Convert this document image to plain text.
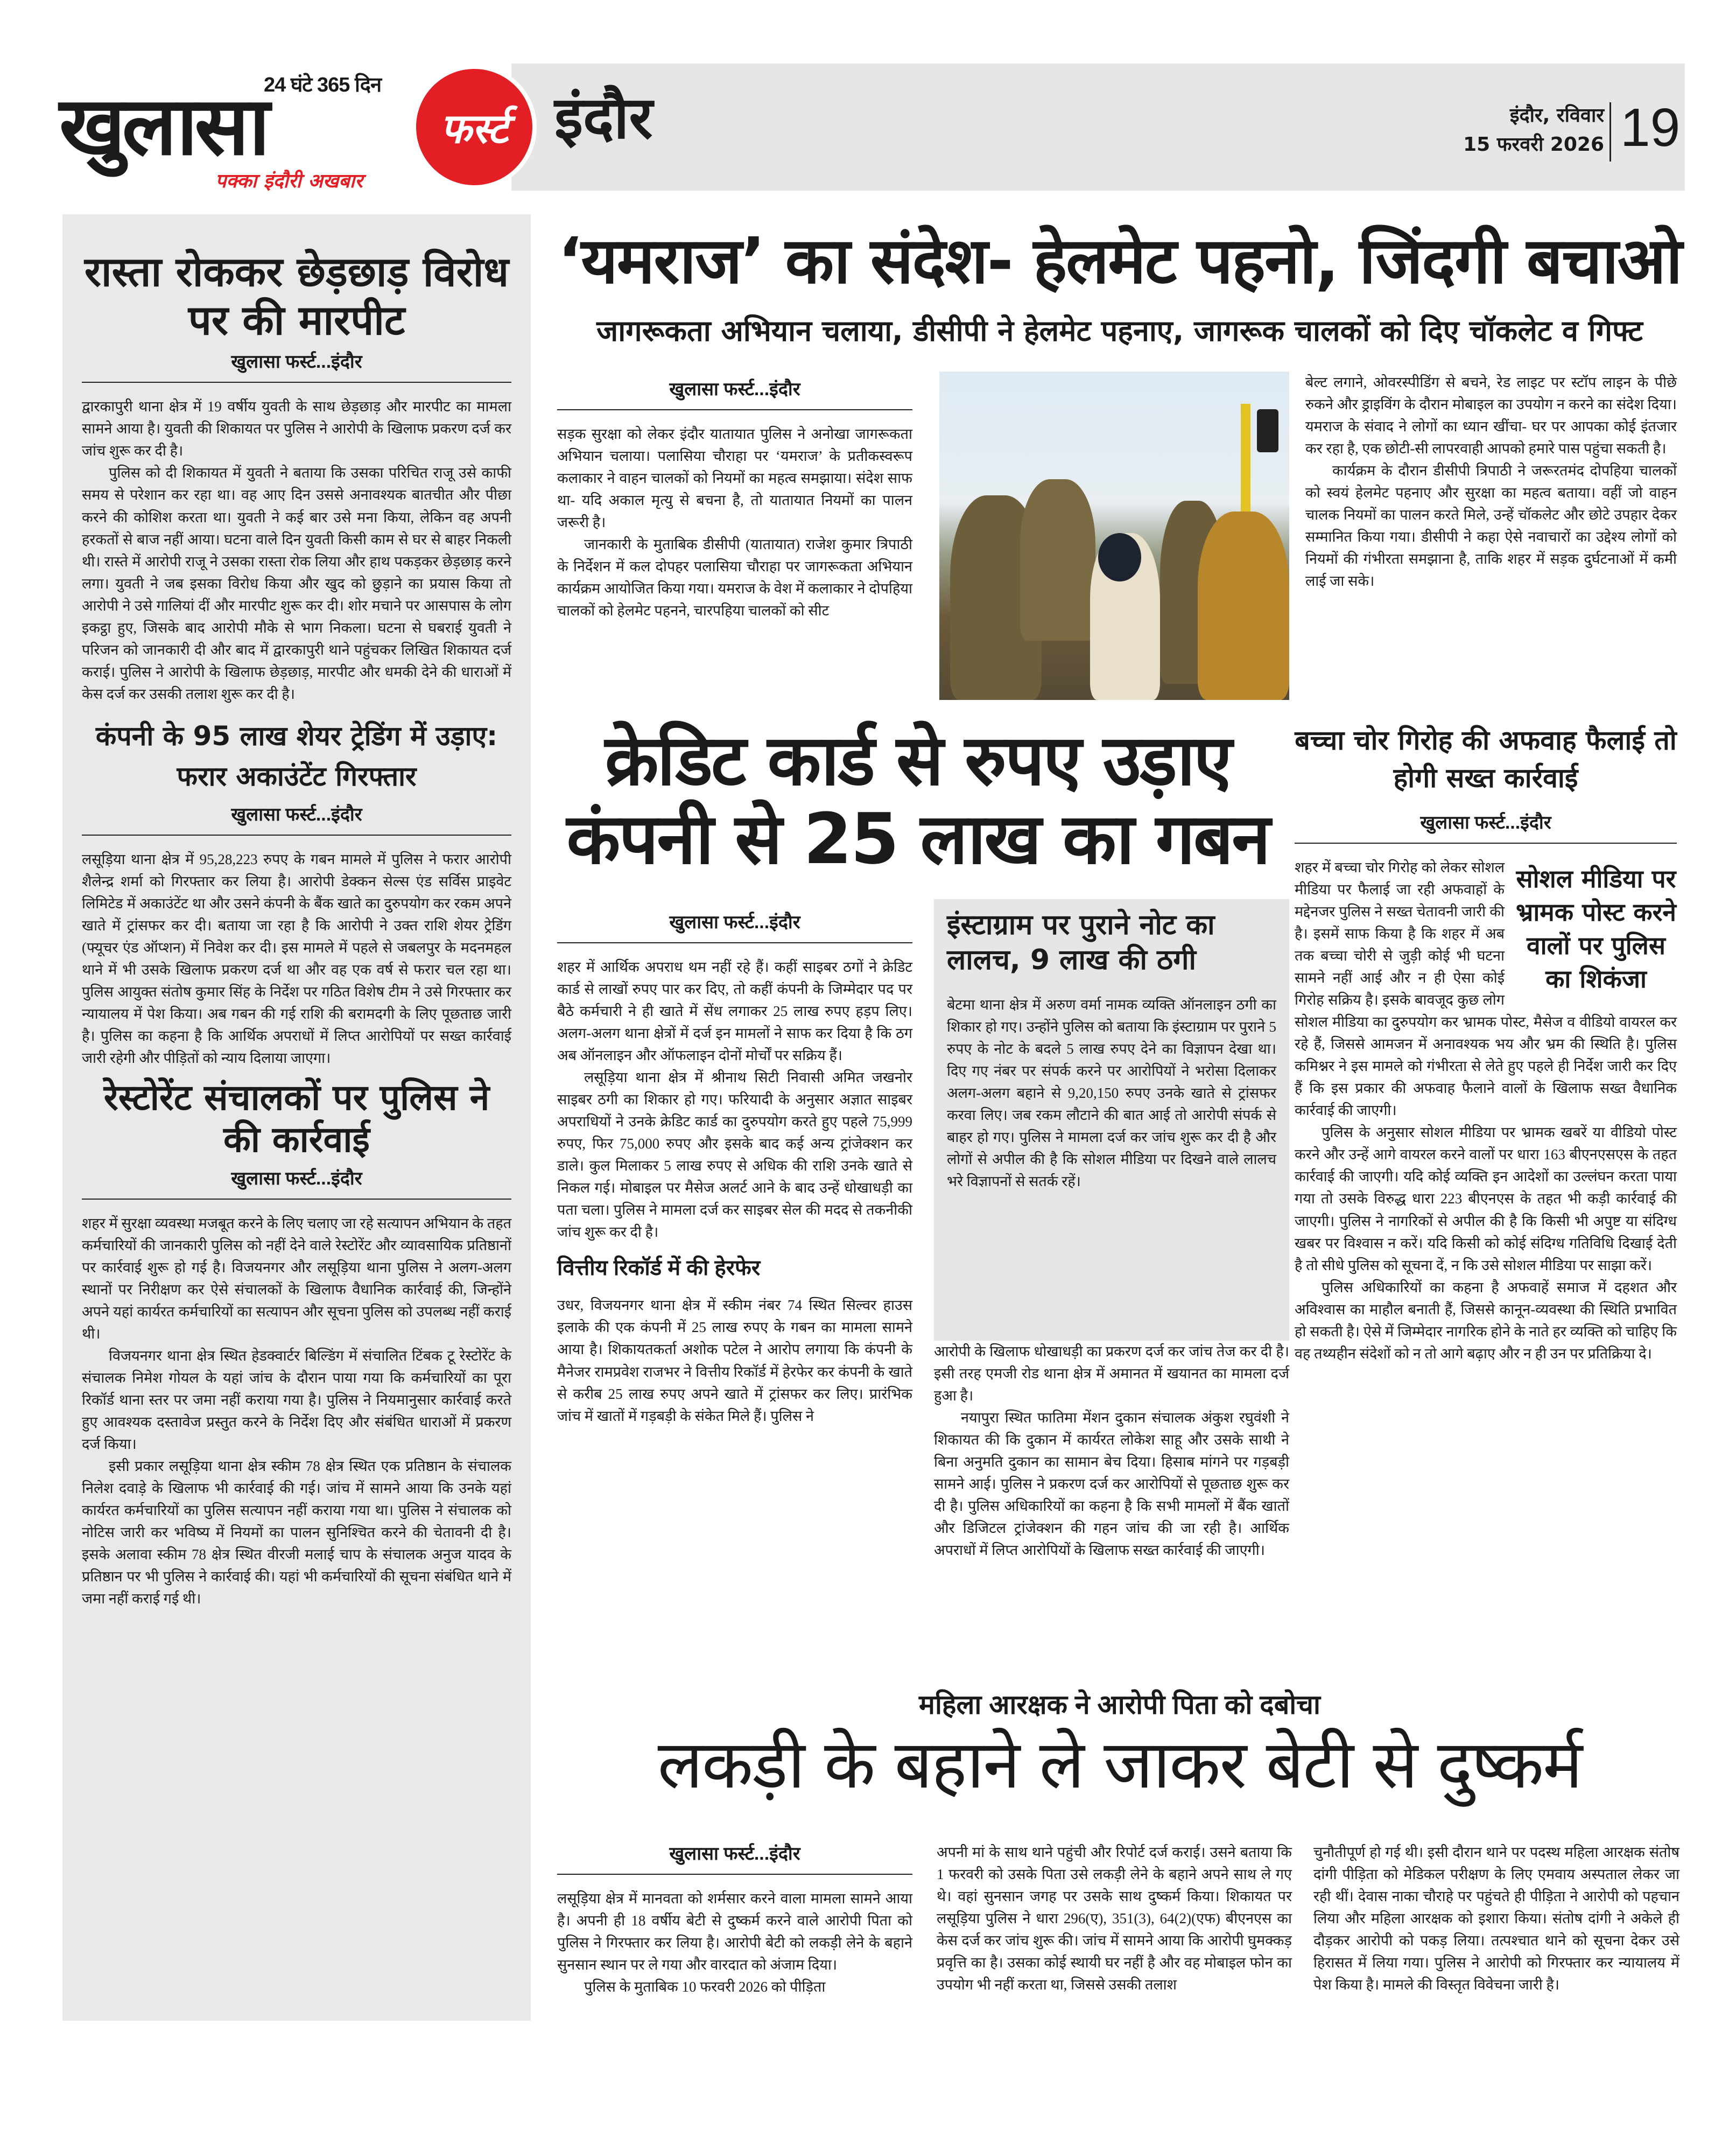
24 घंटे 365 दिन
खुलासा
पक्का इंदौरी अखबार
फर्स्ट इंदौर	इंदौर, रविवार
15 फरवरी 2026 19
रास्ता रोककर छेड़छाड़ विरोध पर की मारपीट
खुलासा फर्स्ट...इंदौर

द्वारकापुरी थाना क्षेत्र में 19 वर्षीय युवती के साथ छेड़छाड़ और मारपीट का मामला सामने आया है। युवती की शिकायत पर पुलिस ने आरोपी के खिलाफ प्रकरण दर्ज कर जांच शुरू कर दी है।

पुलिस को दी शिकायत में युवती ने बताया कि उसका परिचित राजू उसे काफी समय से परेशान कर रहा था। वह आए दिन उससे अनावश्यक बातचीत और पीछा करने की कोशिश करता था। युवती ने कई बार उसे मना किया, लेकिन वह अपनी हरकतों से बाज नहीं आया। घटना वाले दिन युवती किसी काम से घर से बाहर निकली थी। रास्ते में आरोपी राजू ने उसका रास्ता रोक लिया और हाथ पकड़कर छेड़छाड़ करने लगा। युवती ने जब इसका विरोध किया और खुद को छुड़ाने का प्रयास किया तो आरोपी ने उसे गालियां दीं और मारपीट शुरू कर दी। शोर मचाने पर आसपास के लोग इकट्ठा हुए, जिसके बाद आरोपी मौके से भाग निकला। घटना से घबराई युवती ने परिजन को जानकारी दी और बाद में द्वारकापुरी थाने पहुंचकर लिखित शिकायत दर्ज कराई। पुलिस ने आरोपी के खिलाफ छेड़छाड़, मारपीट और धमकी देने की धाराओं में केस दर्ज कर उसकी तलाश शुरू कर दी है।

कंपनी के 95 लाख शेयर ट्रेडिंग में उड़ाए: फरार अकाउंटेंट गिरफ्तार
खुलासा फर्स्ट...इंदौर

लसूड़िया थाना क्षेत्र में 95,28,223 रुपए के गबन मामले में पुलिस ने फरार आरोपी शैलेन्द्र शर्मा को गिरफ्तार कर लिया है। आरोपी डेक्कन सेल्स एंड सर्विस प्राइवेट लिमिटेड में अकाउंटेंट था और उसने कंपनी के बैंक खाते का दुरुपयोग कर रकम अपने खाते में ट्रांसफर कर दी। बताया जा रहा है कि आरोपी ने उक्त राशि शेयर ट्रेडिंग (फ्यूचर एंड ऑप्शन) में निवेश कर दी। इस मामले में पहले से जबलपुर के मदनमहल थाने में भी उसके खिलाफ प्रकरण दर्ज था और वह एक वर्ष से फरार चल रहा था। पुलिस आयुक्त संतोष कुमार सिंह के निर्देश पर गठित विशेष टीम ने उसे गिरफ्तार कर न्यायालय में पेश किया। अब गबन की गई राशि की बरामदगी के लिए पूछताछ जारी है। पुलिस का कहना है कि आर्थिक अपराधों में लिप्त आरोपियों पर सख्त कार्रवाई जारी रहेगी और पीड़ितों को न्याय दिलाया जाएगा।

रेस्टोरेंट संचालकों पर पुलिस ने की कार्रवाई
खुलासा फर्स्ट...इंदौर

शहर में सुरक्षा व्यवस्था मजबूत करने के लिए चलाए जा रहे सत्यापन अभियान के तहत कर्मचारियों की जानकारी पुलिस को नहीं देने वाले रेस्टोरेंट और व्यावसायिक प्रतिष्ठानों पर कार्रवाई शुरू हो गई है। विजयनगर और लसूड़िया थाना पुलिस ने अलग-अलग स्थानों पर निरीक्षण कर ऐसे संचालकों के खिलाफ वैधानिक कार्रवाई की, जिन्होंने अपने यहां कार्यरत कर्मचारियों का सत्यापन और सूचना पुलिस को उपलब्ध नहीं कराई थी।

विजयनगर थाना क्षेत्र स्थित हेडक्वार्टर बिल्डिंग में संचालित टिंबक टू रेस्टोरेंट के संचालक निमेश गोयल के यहां जांच के दौरान पाया गया कि कर्मचारियों का पूरा रिकॉर्ड थाना स्तर पर जमा नहीं कराया गया है। पुलिस ने नियमानुसार कार्रवाई करते हुए आवश्यक दस्तावेज प्रस्तुत करने के निर्देश दिए और संबंधित धाराओं में प्रकरण दर्ज किया।

इसी प्रकार लसूड़िया थाना क्षेत्र स्कीम 78 क्षेत्र स्थित एक प्रतिष्ठान के संचालक निलेश दवाड़े के खिलाफ भी कार्रवाई की गई। जांच में सामने आया कि उनके यहां कार्यरत कर्मचारियों का पुलिस सत्यापन नहीं कराया गया था। पुलिस ने संचालक को नोटिस जारी कर भविष्य में नियमों का पालन सुनिश्चित करने की चेतावनी दी है। इसके अलावा स्कीम 78 क्षेत्र स्थित वीरजी मलाई चाप के संचालक अनुज यादव के प्रतिष्ठान पर भी पुलिस ने कार्रवाई की। यहां भी कर्मचारियों की सूचना संबंधित थाने में जमा नहीं कराई गई थी।

‘यमराज’ का संदेश- हेलमेट पहनो, जिंदगी बचाओ
जागरूकता अभियान चलाया, डीसीपी ने हेलमेट पहनाए, जागरूक चालकों को दिए चॉकलेट व गिफ्ट
खुलासा फर्स्ट...इंदौर

सड़क सुरक्षा को लेकर इंदौर यातायात पुलिस ने अनोखा जागरूकता अभियान चलाया। पलासिया चौराहा पर ‘यमराज’ के प्रतीकस्वरूप कलाकार ने वाहन चालकों को नियमों का महत्व समझाया। संदेश साफ था- यदि अकाल मृत्यु से बचना है, तो यातायात नियमों का पालन जरूरी है।

जानकारी के मुताबिक डीसीपी (यातायात) राजेश कुमार त्रिपाठी के निर्देशन में कल दोपहर पलासिया चौराहा पर जागरूकता अभियान कार्यक्रम आयोजित किया गया। यमराज के वेश में कलाकार ने दोपहिया चालकों को हेलमेट पहनने, चारपहिया चालकों को सीट

बेल्ट लगाने, ओवरस्पीडिंग से बचने, रेड लाइट पर स्टॉप लाइन के पीछे रुकने और ड्राइविंग के दौरान मोबाइल का उपयोग न करने का संदेश दिया। यमराज के संवाद ने लोगों का ध्यान खींचा- घर पर आपका कोई इंतजार कर रहा है, एक छोटी-सी लापरवाही आपको हमारे पास पहुंचा सकती है।

कार्यक्रम के दौरान डीसीपी त्रिपाठी ने जरूरतमंद दोपहिया चालकों को स्वयं हेलमेट पहनाए और सुरक्षा का महत्व बताया। वहीं जो वाहन चालक नियमों का पालन करते मिले, उन्हें चॉकलेट और छोटे उपहार देकर सम्मानित किया गया। डीसीपी ने कहा ऐसे नवाचारों का उद्देश्य लोगों को नियमों की गंभीरता समझाना है, ताकि शहर में सड़क दुर्घटनाओं में कमी लाई जा सके।

क्रेडिट कार्ड से रुपए उड़ाए कंपनी से 25 लाख का गबन
खुलासा फर्स्ट...इंदौर

शहर में आर्थिक अपराध थम नहीं रहे हैं। कहीं साइबर ठगों ने क्रेडिट कार्ड से लाखों रुपए पार कर दिए, तो कहीं कंपनी के जिम्मेदार पद पर बैठे कर्मचारी ने ही खाते में सेंध लगाकर 25 लाख रुपए हड़प लिए। अलग-अलग थाना क्षेत्रों में दर्ज इन मामलों ने साफ कर दिया है कि ठग अब ऑनलाइन और ऑफलाइन दोनों मोर्चों पर सक्रिय हैं।

लसूड़िया थाना क्षेत्र में श्रीनाथ सिटी निवासी अमित जखनोर साइबर ठगी का शिकार हो गए। फरियादी के अनुसार अज्ञात साइबर अपराधियों ने उनके क्रेडिट कार्ड का दुरुपयोग करते हुए पहले 75,999 रुपए, फिर 75,000 रुपए और इसके बाद कई अन्य ट्रांजेक्शन कर डाले। कुल मिलाकर 5 लाख रुपए से अधिक की राशि उनके खाते से निकल गई। मोबाइल पर मैसेज अलर्ट आने के बाद उन्हें धोखाधड़ी का पता चला। पुलिस ने मामला दर्ज कर साइबर सेल की मदद से तकनीकी जांच शुरू कर दी है।

वित्तीय रिकॉर्ड में की हेरफेर

उधर, विजयनगर थाना क्षेत्र में स्कीम नंबर 74 स्थित सिल्वर हाउस इलाके की एक कंपनी में 25 लाख रुपए के गबन का मामला सामने आया है। शिकायतकर्ता अशोक पटेल ने आरोप लगाया कि कंपनी के मैनेजर रामप्रवेश राजभर ने वित्तीय रिकॉर्ड में हेरफेर कर कंपनी के खाते से करीब 25 लाख रुपए अपने खाते में ट्रांसफर कर लिए। प्रारंभिक जांच में खातों में गड़बड़ी के संकेत मिले हैं। पुलिस ने

इंस्टाग्राम पर पुराने नोट का लालच, 9 लाख की ठगी

बेटमा थाना क्षेत्र में अरुण वर्मा नामक व्यक्ति ऑनलाइन ठगी का शिकार हो गए। उन्होंने पुलिस को बताया कि इंस्टाग्राम पर पुराने 5 रुपए के नोट के बदले 5 लाख रुपए देने का विज्ञापन देखा था। दिए गए नंबर पर संपर्क करने पर आरोपियों ने भरोसा दिलाकर अलग-अलग बहाने से 9,20,150 रुपए उनके खाते से ट्रांसफर करवा लिए। जब रकम लौटाने की बात आई तो आरोपी संपर्क से बाहर हो गए। पुलिस ने मामला दर्ज कर जांच शुरू कर दी है और लोगों से अपील की है कि सोशल मीडिया पर दिखने वाले लालच भरे विज्ञापनों से सतर्क रहें।

आरोपी के खिलाफ धोखाधड़ी का प्रकरण दर्ज कर जांच तेज कर दी है। इसी तरह एमजी रोड थाना क्षेत्र में अमानत में खयानत का मामला दर्ज हुआ है।

नयापुरा स्थित फातिमा मेंशन दुकान संचालक अंकुश रघुवंशी ने शिकायत की कि दुकान में कार्यरत लोकेश साहू और उसके साथी ने बिना अनुमति दुकान का सामान बेच दिया। हिसाब मांगने पर गड़बड़ी सामने आई। पुलिस ने प्रकरण दर्ज कर आरोपियों से पूछताछ शुरू कर दी है। पुलिस अधिकारियों का कहना है कि सभी मामलों में बैंक खातों और डिजिटल ट्रांजेक्शन की गहन जांच की जा रही है। आर्थिक अपराधों में लिप्त आरोपियों के खिलाफ सख्त कार्रवाई की जाएगी।

बच्चा चोर गिरोह की अफवाह फैलाई तो होगी सख्त कार्रवाई
खुलासा फर्स्ट...इंदौर
सोशल मीडिया पर भ्रामक पोस्ट करने वालों पर पुलिस का शिकंजा

शहर में बच्चा चोर गिरोह को लेकर सोशल मीडिया पर फैलाई जा रही अफवाहों के मद्देनजर पुलिस ने सख्त चेतावनी जारी की है। इसमें साफ किया है कि शहर में अब तक बच्चा चोरी से जुड़ी कोई भी घटना सामने नहीं आई और न ही ऐसा कोई गिरोह सक्रिय है। इसके बावजूद कुछ लोग सोशल मीडिया का दुरुपयोग कर भ्रामक पोस्ट, मैसेज व वीडियो वायरल कर रहे हैं, जिससे आमजन में अनावश्यक भय और भ्रम की स्थिति है। पुलिस कमिश्नर ने इस मामले को गंभीरता से लेते हुए पहले ही निर्देश जारी कर दिए हैं कि इस प्रकार की अफवाह फैलाने वालों के खिलाफ सख्त वैधानिक कार्रवाई की जाएगी।

पुलिस के अनुसार सोशल मीडिया पर भ्रामक खबरें या वीडियो पोस्ट करने और उन्हें आगे वायरल करने वालों पर धारा 163 बीएनएसएस के तहत कार्रवाई की जाएगी। यदि कोई व्यक्ति इन आदेशों का उल्लंघन करता पाया गया तो उसके विरुद्ध धारा 223 बीएनएस के तहत भी कड़ी कार्रवाई की जाएगी। पुलिस ने नागरिकों से अपील की है कि किसी भी अपुष्ट या संदिग्ध खबर पर विश्वास न करें। यदि किसी को कोई संदिग्ध गतिविधि दिखाई देती है तो सीधे पुलिस को सूचना दें, न कि उसे सोशल मीडिया पर साझा करें।

पुलिस अधिकारियों का कहना है अफवाहें समाज में दहशत और अविश्वास का माहौल बनाती हैं, जिससे कानून-व्यवस्था की स्थिति प्रभावित हो सकती है। ऐसे में जिम्मेदार नागरिक होने के नाते हर व्यक्ति को चाहिए कि वह तथ्यहीन संदेशों को न तो आगे बढ़ाए और न ही उन पर प्रतिक्रिया दे।

महिला आरक्षक ने आरोपी पिता को दबोचा
लकड़ी के बहाने ले जाकर बेटी से दुष्कर्म
खुलासा फर्स्ट...इंदौर

लसूड़िया क्षेत्र में मानवता को शर्मसार करने वाला मामला सामने आया है। अपनी ही 18 वर्षीय बेटी से दुष्कर्म करने वाले आरोपी पिता को पुलिस ने गिरफ्तार कर लिया है। आरोपी बेटी को लकड़ी लेने के बहाने सुनसान स्थान पर ले गया और वारदात को अंजाम दिया।

पुलिस के मुताबिक 10 फरवरी 2026 को पीड़िता

अपनी मां के साथ थाने पहुंची और रिपोर्ट दर्ज कराई। उसने बताया कि 1 फरवरी को उसके पिता उसे लकड़ी लेने के बहाने अपने साथ ले गए थे। वहां सुनसान जगह पर उसके साथ दुष्कर्म किया। शिकायत पर लसूड़िया पुलिस ने धारा 296(ए), 351(3), 64(2)(एफ) बीएनएस का केस दर्ज कर जांच शुरू की। जांच में सामने आया कि आरोपी घुमक्कड़ प्रवृत्ति का है। उसका कोई स्थायी घर नहीं है और वह मोबाइल फोन का उपयोग भी नहीं करता था, जिससे उसकी तलाश

चुनौतीपूर्ण हो गई थी। इसी दौरान थाने पर पदस्थ महिला आरक्षक संतोष दांगी पीड़िता को मेडिकल परीक्षण के लिए एमवाय अस्पताल लेकर जा रही थीं। देवास नाका चौराहे पर पहुंचते ही पीड़िता ने आरोपी को पहचान लिया और महिला आरक्षक को इशारा किया। संतोष दांगी ने अकेले ही दौड़कर आरोपी को पकड़ लिया। तत्पश्चात थाने को सूचना देकर उसे हिरासत में लिया गया। पुलिस ने आरोपी को गिरफ्तार कर न्यायालय में पेश किया है। मामले की विस्तृत विवेचना जारी है।
